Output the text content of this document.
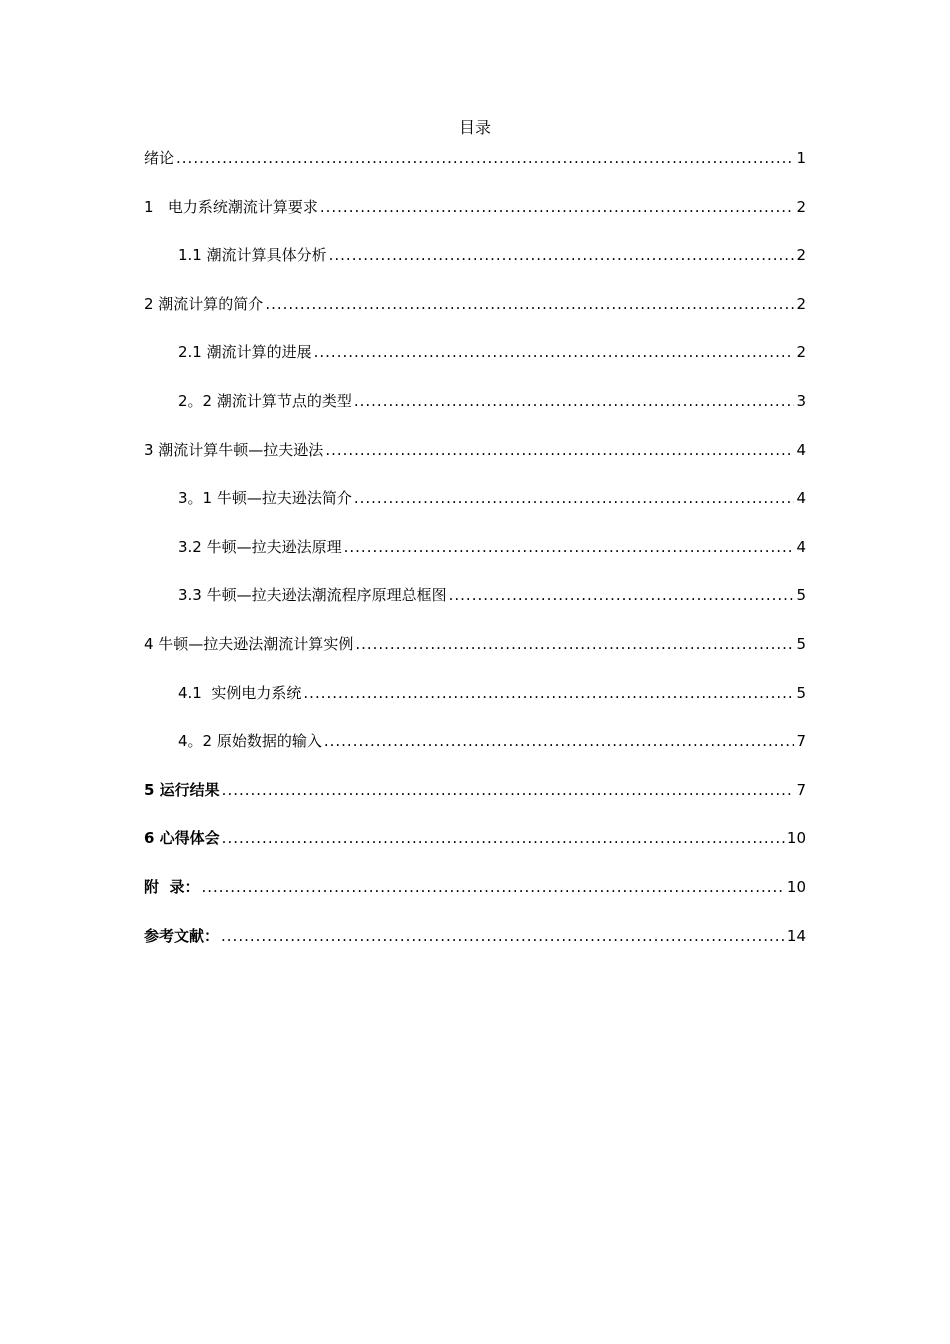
目录
绪论 .....	1
1   电力系统潮流计算要求 .....	2
1.1 潮流计算具体分析 .....	2
2 潮流计算的简介 .....	2
2.1 潮流计算的进展 .....	2
2。2 潮流计算节点的类型 .....	3
3 潮流计算牛顿—拉夫逊法 .....	4
3。1 牛顿—拉夫逊法简介 .....	4
3.2 牛顿—拉夫逊法原理 .....	4
3.3 牛顿—拉夫逊法潮流程序原理总框图 .....	5
4 牛顿—拉夫逊法潮流计算实例 .....	5
4.1  实例电力系统 .....	5
4。2 原始数据的输入 .....	7
5 运行结果 .....	7
6 心得体会 .....	10
附  录： .....	10
参考文献： .....	14
